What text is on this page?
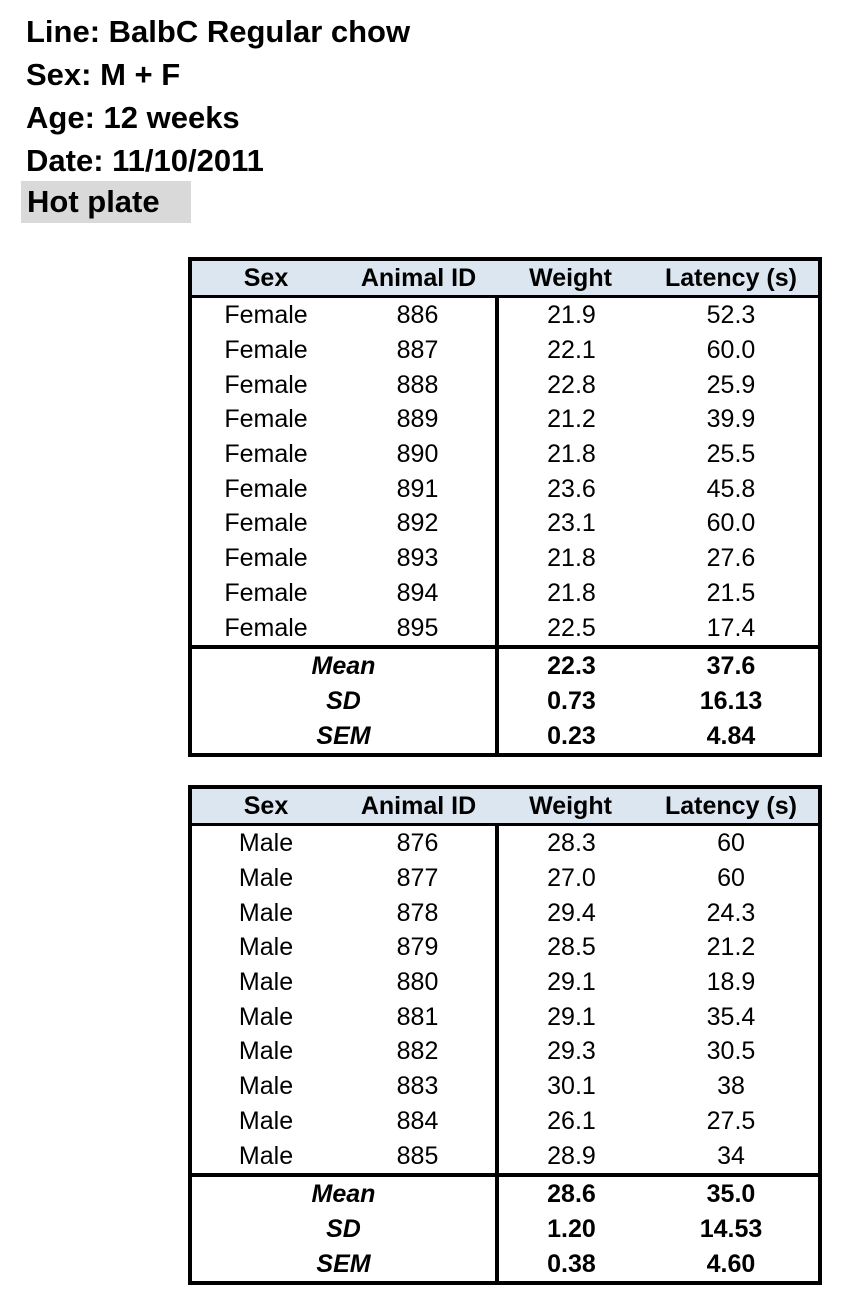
Line: BalbC Regular chow
Sex: M + F
Age: 12 weeks
Date: 11/10/2011
Hot plate
Sex	Animal ID	Weight	Latency (s)
Female	886	21.9	52.3
Female	887	22.1	60.0
Female	888	22.8	25.9
Female	889	21.2	39.9
Female	890	21.8	25.5
Female	891	23.6	45.8
Female	892	23.1	60.0
Female	893	21.8	27.6
Female	894	21.8	21.5
Female	895	22.5	17.4
Mean		22.3	37.6
SD		0.73	16.13
SEM		0.23	4.84
Sex	Animal ID	Weight	Latency (s)
Male	876	28.3	60
Male	877	27.0	60
Male	878	29.4	24.3
Male	879	28.5	21.2
Male	880	29.1	18.9
Male	881	29.1	35.4
Male	882	29.3	30.5
Male	883	30.1	38
Male	884	26.1	27.5
Male	885	28.9	34
Mean		28.6	35.0
SD		1.20	14.53
SEM		0.38	4.60
